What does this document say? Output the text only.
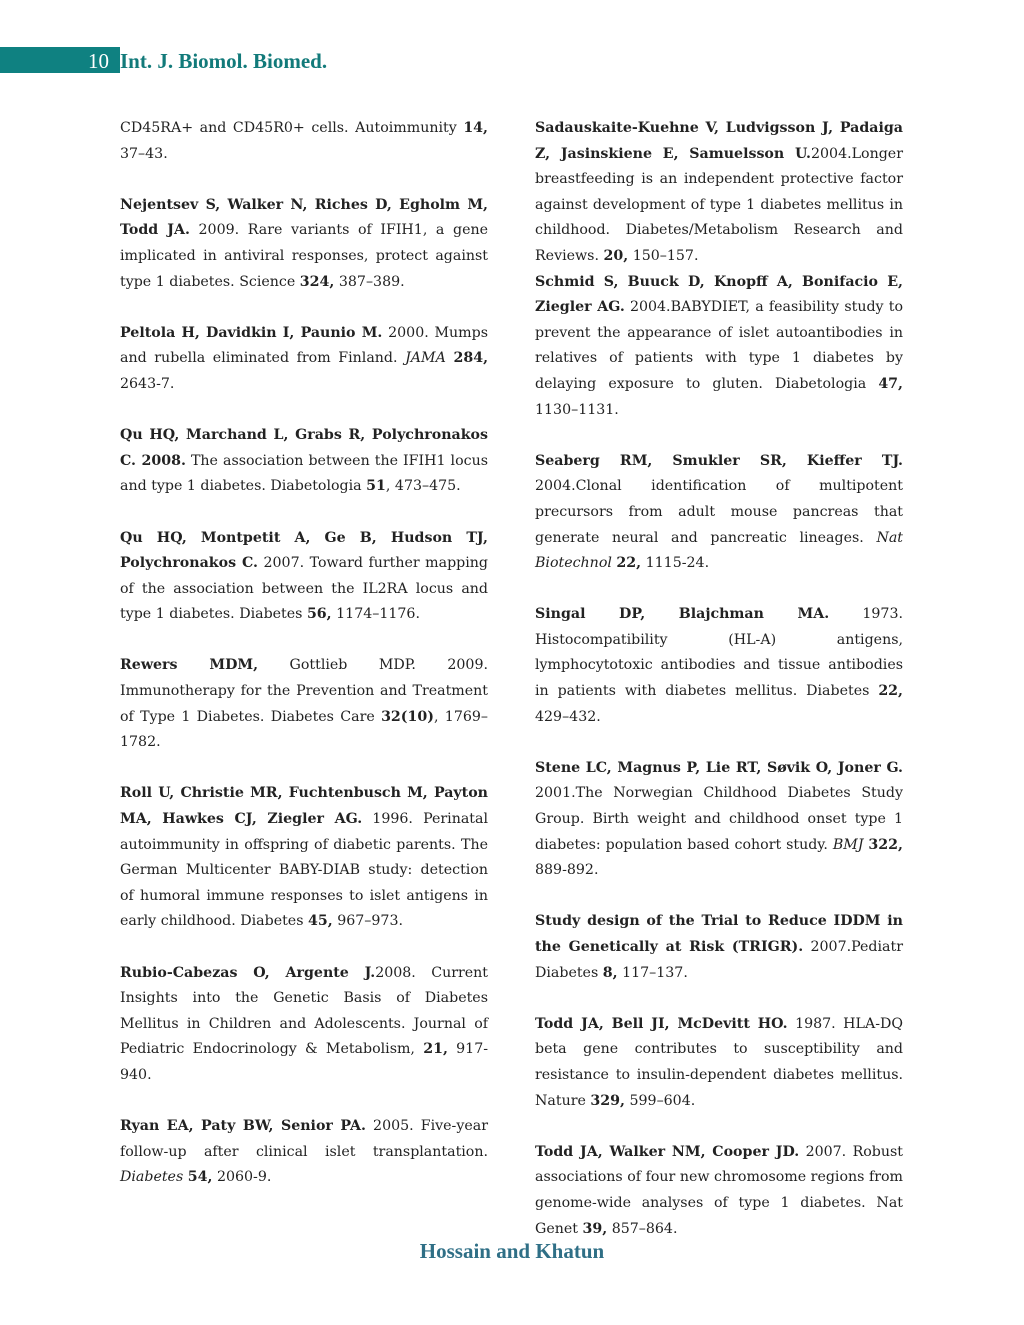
10 Int. J. Biomol. Biomed.

CD45RA+ and CD45R0+ cells. Autoimmunity 14, 37–43.

Nejentsev S, Walker N, Riches D, Egholm M, Todd JA. 2009. Rare variants of IFIH1, a gene implicated in antiviral responses, protect against type 1 diabetes. Science 324, 387–389.

Peltola H, Davidkin I, Paunio M. 2000. Mumps and rubella eliminated from Finland. JAMA 284, 2643-7.

Qu HQ, Marchand L, Grabs R, Polychronakos C. 2008. The association between the IFIH1 locus and type 1 diabetes. Diabetologia 51, 473–475.

Qu HQ, Montpetit A, Ge B, Hudson TJ, Polychronakos C. 2007. Toward further mapping of the association between the IL2RA locus and type 1 diabetes. Diabetes 56, 1174–1176.

Rewers MDM, Gottlieb MDP. 2009. Immunotherapy for the Prevention and Treatment of Type 1 Diabetes. Diabetes Care 32(10), 1769–1782.

Roll U, Christie MR, Fuchtenbusch M, Payton MA, Hawkes CJ, Ziegler AG. 1996. Perinatal autoimmunity in offspring of diabetic parents. The German Multicenter BABY-DIAB study: detection of humoral immune responses to islet antigens in early childhood. Diabetes 45, 967–973.

Rubio-Cabezas O, Argente J.2008. Current Insights into the Genetic Basis of Diabetes Mellitus in Children and Adolescents. Journal of Pediatric Endocrinology & Metabolism, 21, 917-940.

Ryan EA, Paty BW, Senior PA. 2005. Five-year follow-up after clinical islet transplantation. Diabetes 54, 2060-9.

Sadauskaite-Kuehne V, Ludvigsson J, Padaiga Z, Jasinskiene E, Samuelsson U.2004.Longer breastfeeding is an independent protective factor against development of type 1 diabetes mellitus in childhood. Diabetes/Metabolism Research and Reviews. 20, 150–157.

Schmid S, Buuck D, Knopff A, Bonifacio E, Ziegler AG. 2004.BABYDIET, a feasibility study to prevent the appearance of islet autoantibodies in relatives of patients with type 1 diabetes by delaying exposure to gluten. Diabetologia 47, 1130–1131.

Seaberg RM, Smukler SR, Kieffer TJ. 2004.Clonal identification of multipotent precursors from adult mouse pancreas that generate neural and pancreatic lineages. Nat Biotechnol 22, 1115-24.

Singal DP, Blajchman MA. 1973. Histocompatibility (HL-A) antigens, lymphocytotoxic antibodies and tissue antibodies in patients with diabetes mellitus. Diabetes 22, 429–432.

Stene LC, Magnus P, Lie RT, Søvik O, Joner G. 2001.The Norwegian Childhood Diabetes Study Group. Birth weight and childhood onset type 1 diabetes: population based cohort study. BMJ 322, 889-892.

Study design of the Trial to Reduce IDDM in the Genetically at Risk (TRIGR). 2007.Pediatr Diabetes 8, 117–137.

Todd JA, Bell JI, McDevitt HO. 1987. HLA-DQ beta gene contributes to susceptibility and resistance to insulin-dependent diabetes mellitus. Nature 329, 599–604.

Todd JA, Walker NM, Cooper JD. 2007. Robust associations of four new chromosome regions from genome-wide analyses of type 1 diabetes. Nat Genet 39, 857–864.

Hossain and Khatun
